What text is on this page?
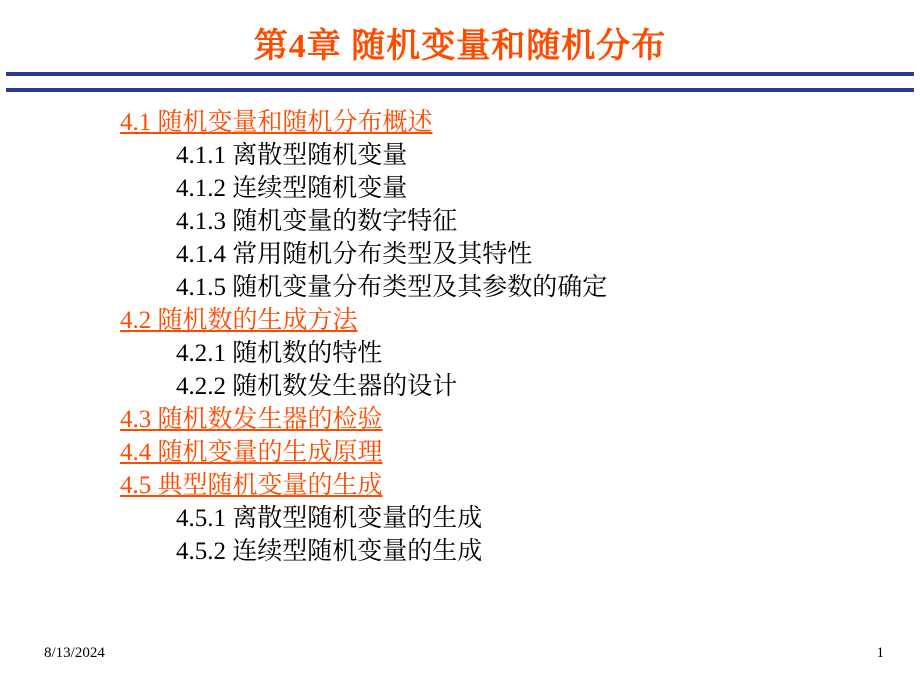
第4章 随机变量和随机分布
4.1 随机变量和随机分布概述
4.1.1 离散型随机变量
4.1.2 连续型随机变量
4.1.3 随机变量的数字特征
4.1.4 常用随机分布类型及其特性
4.1.5 随机变量分布类型及其参数的确定
4.2 随机数的生成方法
4.2.1 随机数的特性
4.2.2 随机数发生器的设计
4.3 随机数发生器的检验
4.4 随机变量的生成原理
4.5 典型随机变量的生成
4.5.1 离散型随机变量的生成
4.5.2 连续型随机变量的生成
8/13/2024	1
